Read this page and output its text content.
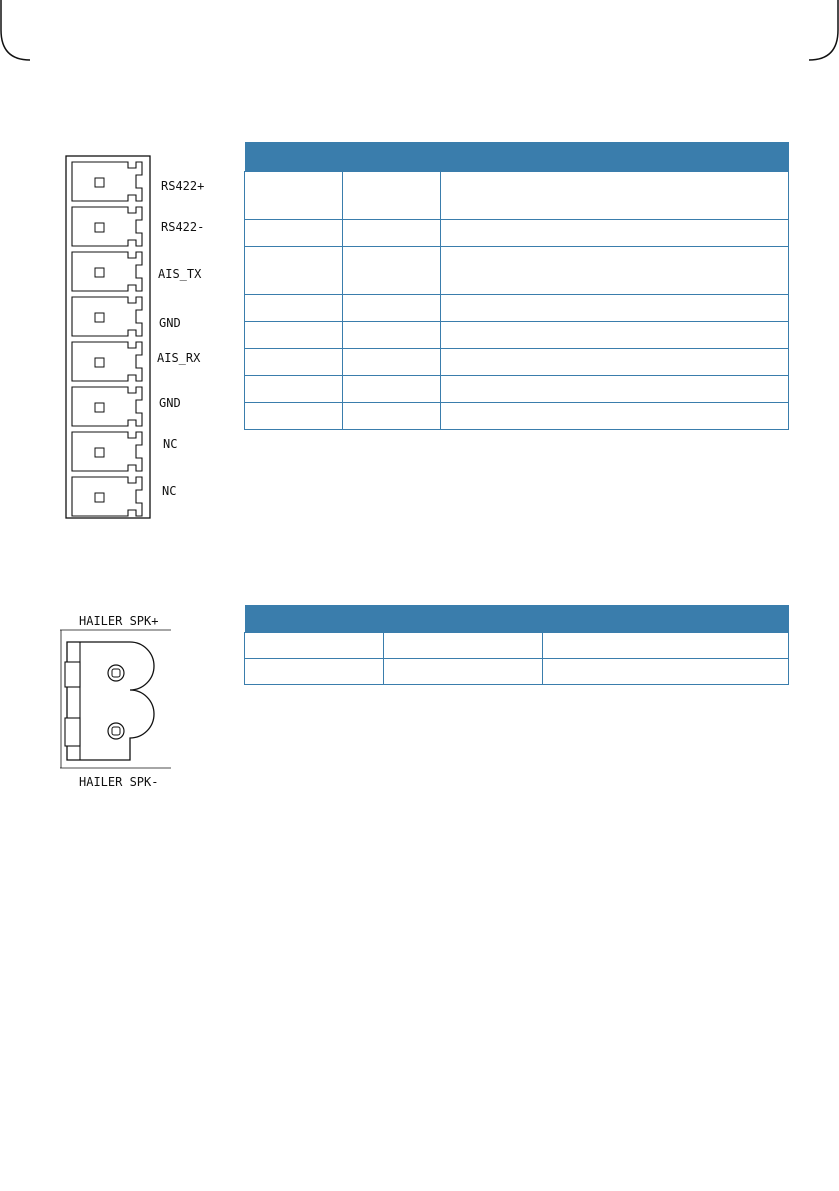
RS422+
RS422-
AIS_TX
GND
AIS_RX
GND
NC
NC

HAILER SPK+
HAILER SPK-
